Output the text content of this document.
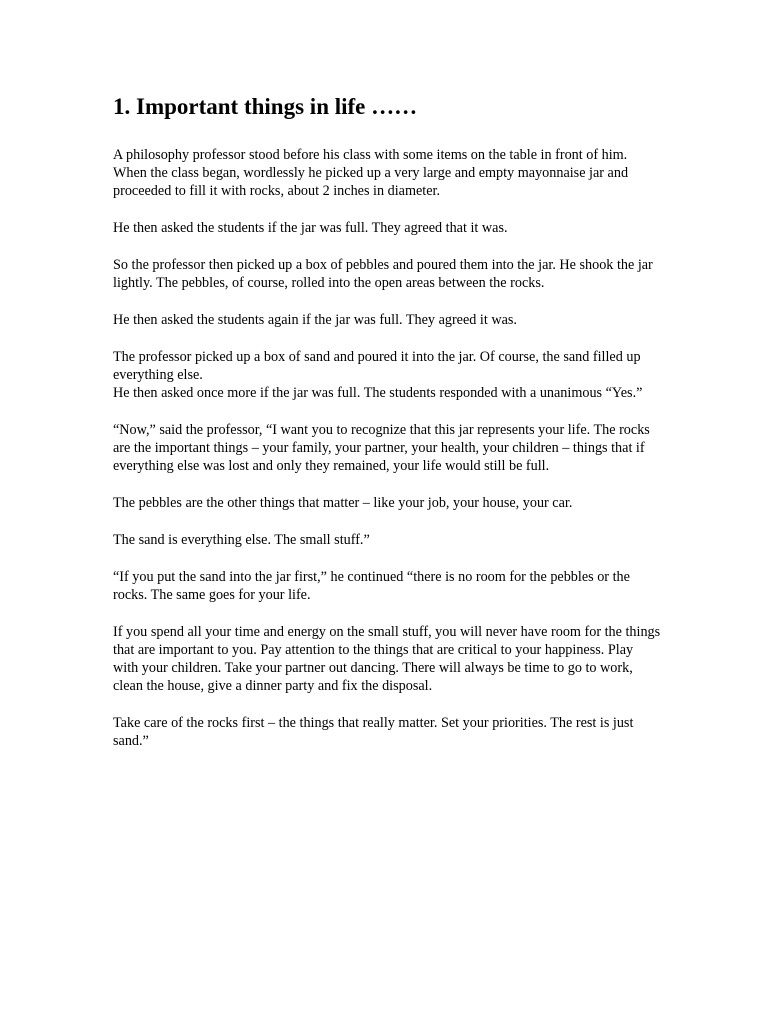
1. Important things in life ……

A philosophy professor stood before his class with some items on the table in front of him. When the class began, wordlessly he picked up a very large and empty mayonnaise jar and proceeded to fill it with rocks, about 2 inches in diameter.

He then asked the students if the jar was full. They agreed that it was.

So the professor then picked up a box of pebbles and poured them into the jar. He shook the jar lightly. The pebbles, of course, rolled into the open areas between the rocks.

He then asked the students again if the jar was full. They agreed it was.

The professor picked up a box of sand and poured it into the jar. Of course, the sand filled up everything else.

He then asked once more if the jar was full. The students responded with a unanimous “Yes.”

“Now,” said the professor, “I want you to recognize that this jar represents your life. The rocks are the important things – your family, your partner, your health, your children – things that if everything else was lost and only they remained, your life would still be full.

The pebbles are the other things that matter – like your job, your house, your car.

The sand is everything else. The small stuff.”

“If you put the sand into the jar first,” he continued “there is no room for the pebbles or the rocks. The same goes for your life.

If you spend all your time and energy on the small stuff, you will never have room for the things that are important to you. Pay attention to the things that are critical to your happiness. Play with your children. Take your partner out dancing. There will always be time to go to work, clean the house, give a dinner party and fix the disposal.

Take care of the rocks first – the things that really matter. Set your priorities. The rest is just sand.”
